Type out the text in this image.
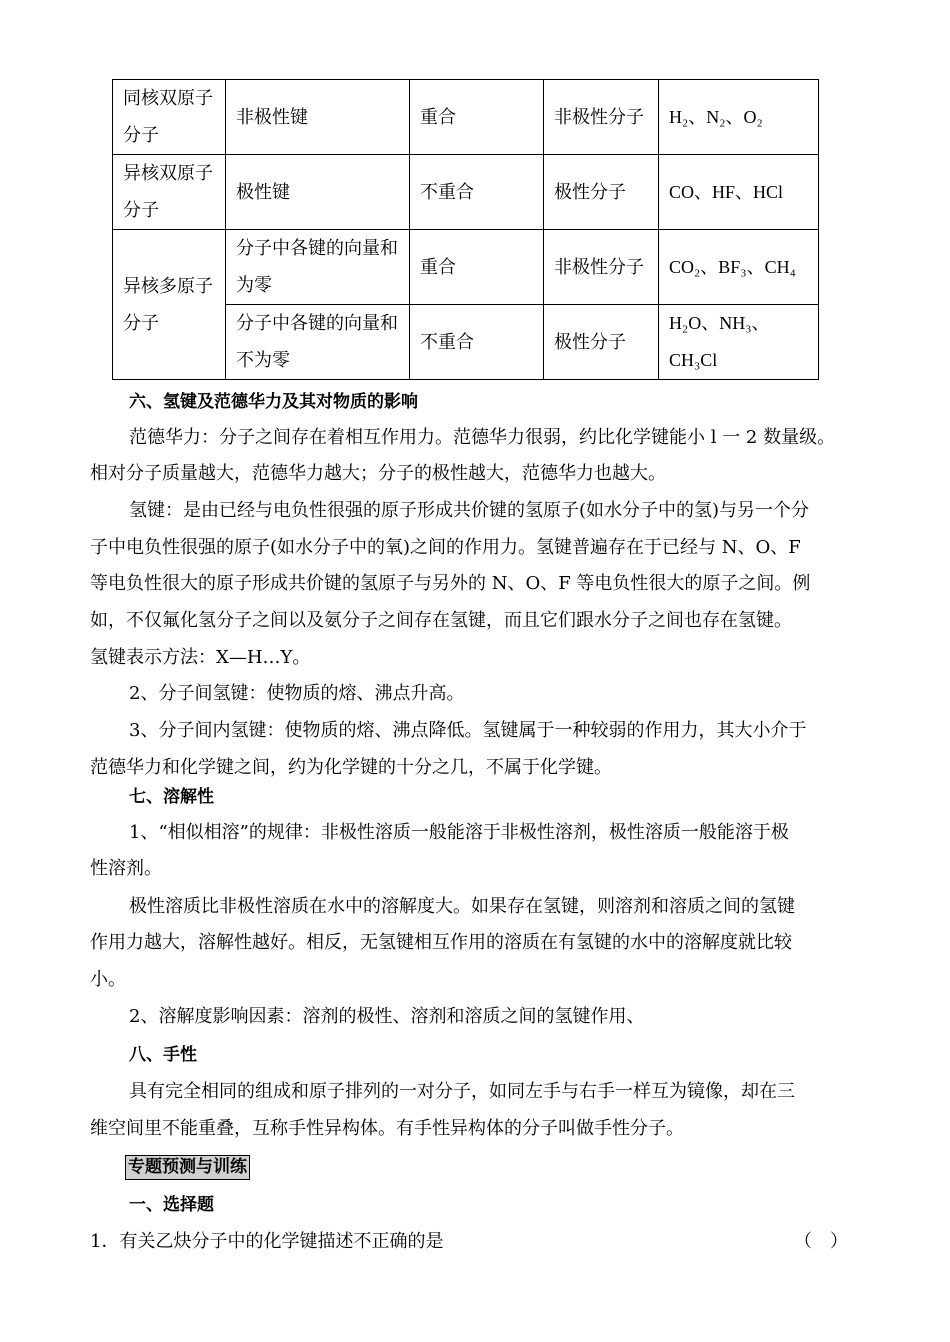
同核双原子分子	非极性键	重合	非极性分子	H₂、N₂、O₂
异核双原子分子	极性键	不重合	极性分子	CO、HF、HCl
异核多原子分子	分子中各键的向量和为零	重合	非极性分子	CO₂、BF₃、CH₄
	分子中各键的向量和不为零	不重合	极性分子	H₂O、NH₃、CH₃Cl
六、氢键及范德华力及其对物质的影响
范德华力：分子之间存在着相互作用力。范德华力很弱，约比化学键能小 l 一 2 数量级。
相对分子质量越大，范德华力越大；分子的极性越大，范德华力也越大。
氢键：是由已经与电负性很强的原子形成共价键的氢原子(如水分子中的氢)与另一个分
子中电负性很强的原子(如水分子中的氧)之间的作用力。氢键普遍存在于已经与 N、O、F
等电负性很大的原子形成共价键的氢原子与另外的 N、O、F 等电负性很大的原子之间。例
如，不仅氟化氢分子之间以及氨分子之间存在氢键，而且它们跟水分子之间也存在氢键。
氢键表示方法：X—H…Y。
2、分子间氢键：使物质的熔、沸点升高。
3、分子间内氢键：使物质的熔、沸点降低。氢键属于一种较弱的作用力，其大小介于
范德华力和化学键之间，约为化学键的十分之几，不属于化学键。
七、溶解性
1、“相似相溶”的规律：非极性溶质一般能溶于非极性溶剂，极性溶质一般能溶于极
性溶剂。
极性溶质比非极性溶质在水中的溶解度大。如果存在氢键，则溶剂和溶质之间的氢键
作用力越大，溶解性越好。相反，无氢键相互作用的溶质在有氢键的水中的溶解度就比较
小。
2、溶解度影响因素：溶剂的极性、溶剂和溶质之间的氢键作用、
八、手性
具有完全相同的组成和原子排列的一对分子，如同左手与右手一样互为镜像，却在三
维空间里不能重叠，互称手性异构体。有手性异构体的分子叫做手性分子。
专题预测与训练
一、选择题
1．有关乙炔分子中的化学键描述不正确的是	（　）
